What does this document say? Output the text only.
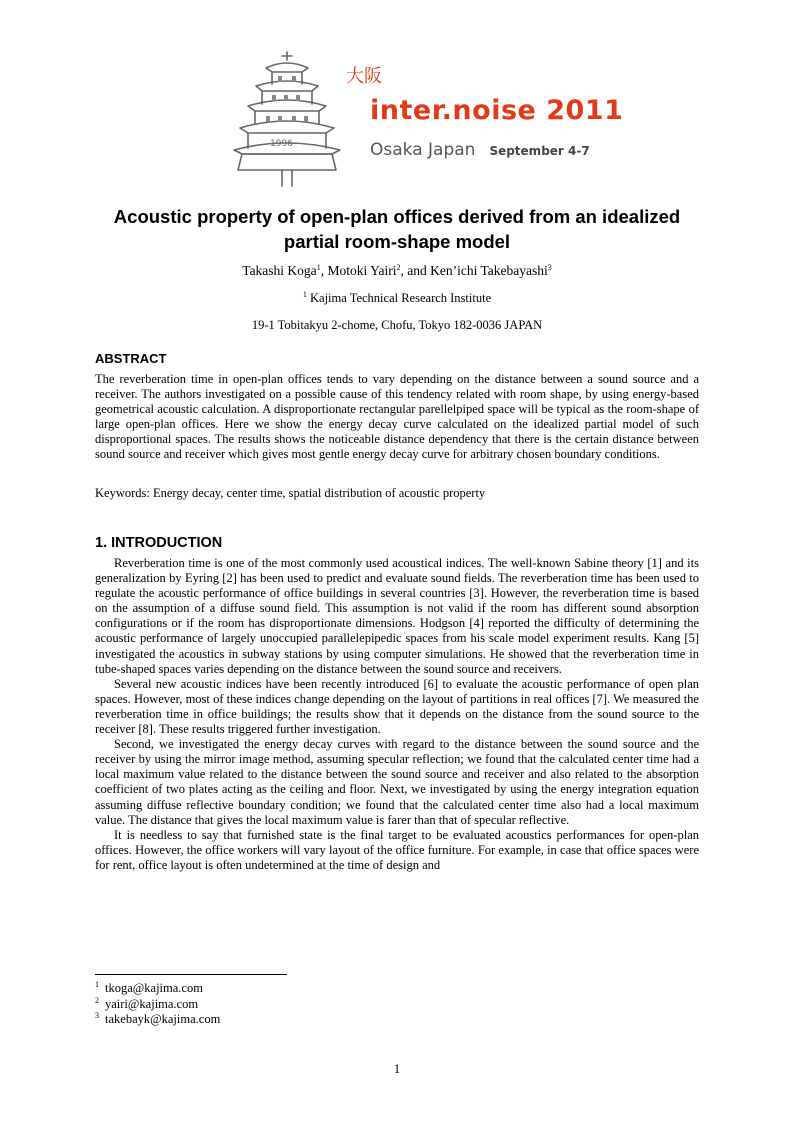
1996
大阪
inter.noise 2011
Osaka Japan September 4-7
Acoustic property of open-plan offices derived from an idealized
partial room-shape model
Takashi Koga$^1$, Motoki Yairi$^2$, and Ken’ichi Takebayashi$^3$
$^1$ Kajima Technical Research Institute
19-1 Tobitakyu 2-chome, Chofu, Tokyo 182-0036 JAPAN
ABSTRACT

The reverberation time in open-plan offices tends to vary depending on the distance between a sound source and a receiver. The authors investigated on a possible cause of this tendency related with room shape, by using energy-based geometrical acoustic calculation. A disproportionate rectangular parellelpiped space will be typical as the room-shape of large open-plan offices. Here we show the energy decay curve calculated on the idealized partial model of such disproportional spaces. The results shows the noticeable distance dependency that there is the certain distance between sound source and receiver which gives most gentle energy decay curve for arbitrary chosen boundary conditions.

Keywords: Energy decay, center time, spatial distribution of acoustic property
1. INTRODUCTION

Reverberation time is one of the most commonly used acoustical indices. The well-known Sabine theory [1] and its generalization by Eyring [2] has been used to predict and evaluate sound fields. The reverberation time has been used to regulate the acoustic performance of office buildings in several countries [3]. However, the reverberation time is based on the assumption of a diffuse sound field. This assumption is not valid if the room has different sound absorption configurations or if the room has disproportionate dimensions. Hodgson [4] reported the difficulty of determining the acoustic performance of largely unoccupied parallelepipedic spaces from his scale model experiment results. Kang [5] investigated the acoustics in subway stations by using computer simulations. He showed that the reverberation time in tube-shaped spaces varies depending on the distance between the sound source and receivers.

Several new acoustic indices have been recently introduced [6] to evaluate the acoustic performance of open plan spaces. However, most of these indices change depending on the layout of partitions in real offices [7]. We measured the reverberation time in office buildings; the results show that it depends on the distance from the sound source to the receiver [8]. These results triggered further investigation.

Second, we investigated the energy decay curves with regard to the distance between the sound source and the receiver by using the mirror image method, assuming specular reflection; we found that the calculated center time had a local maximum value related to the distance between the sound source and receiver and also related to the absorption coefficient of two plates acting as the ceiling and floor. Next, we investigated by using the energy integration equation assuming diffuse reflective boundary condition; we found that the calculated center time also had a local maximum value. The distance that gives the local maximum value is farer than that of specular reflective.

It is needless to say that furnished state is the final target to be evaluated acoustics performances for open-plan offices. However, the office workers will vary layout of the office furniture. For example, in case that office spaces were for rent, office layout is often undetermined at the time of design and

$^1$ tkoga@kajima.com
$^2$ yairi@kajima.com
$^3$ takebayk@kajima.com
1
